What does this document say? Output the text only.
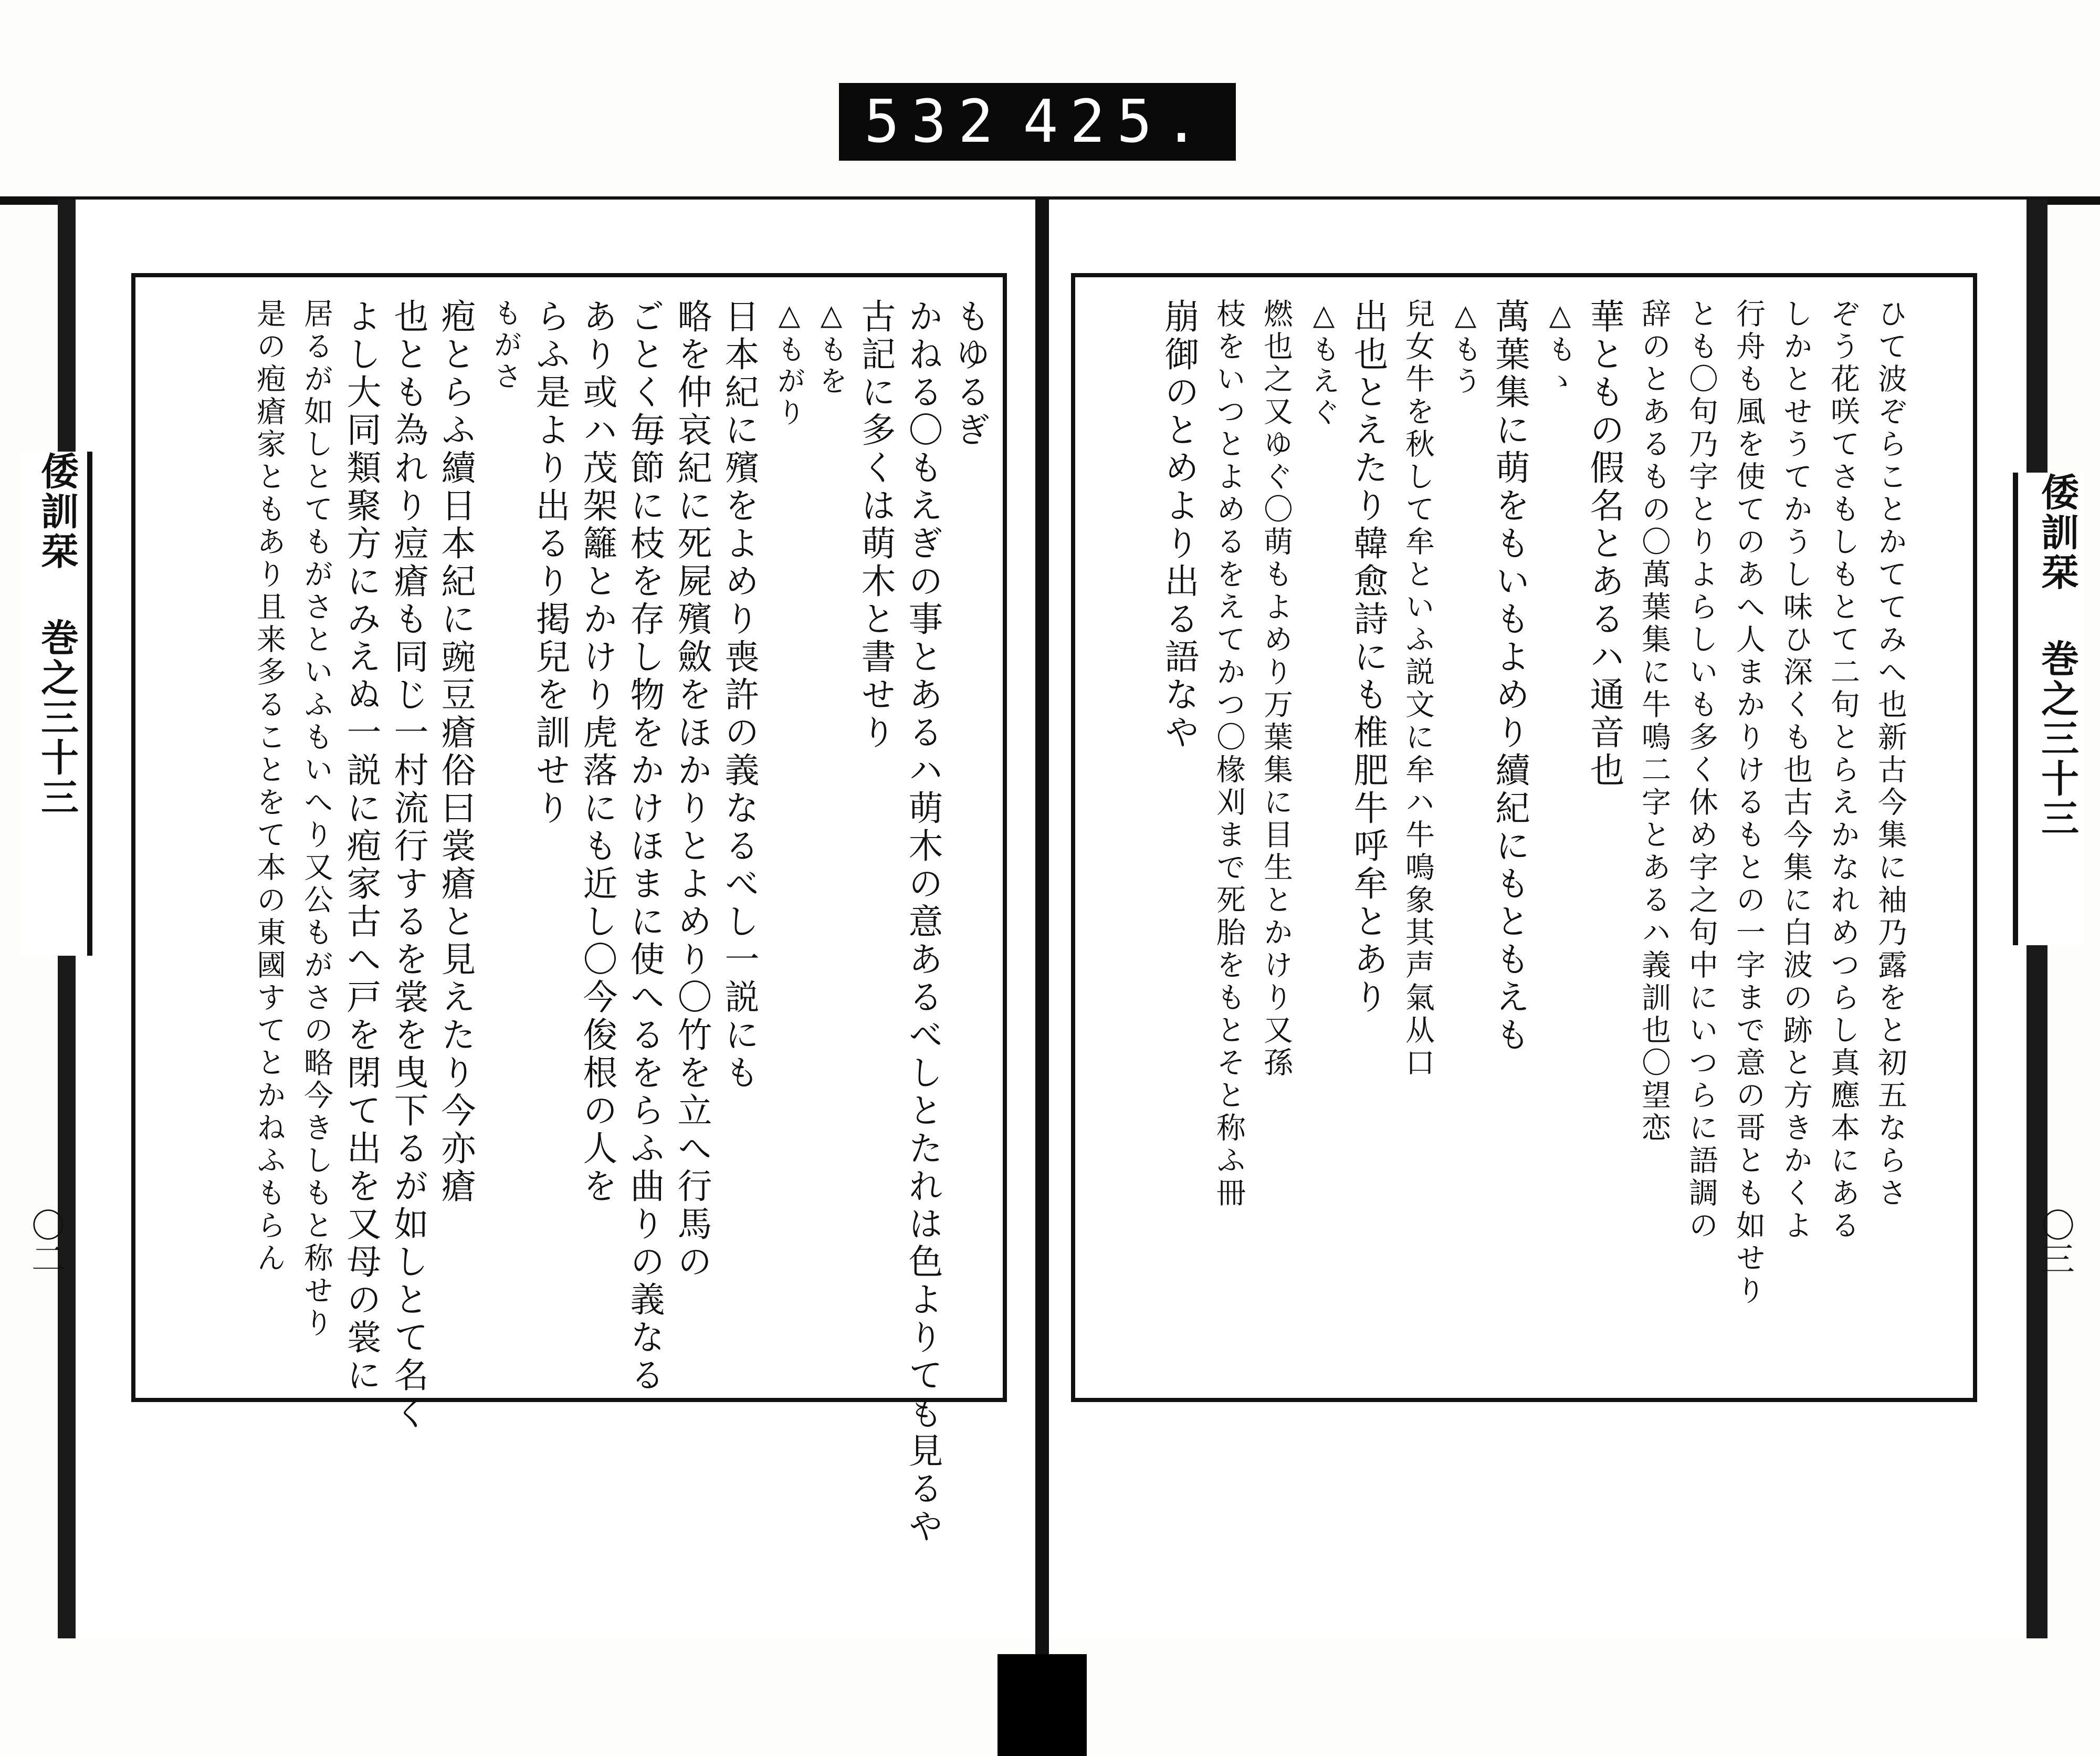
532 425.
もゆるぎ
かねる〇もえぎの事とあるハ萌木の意あるべしとたれは色よりても見るや
古記に多くは萌木と書せり
△もを
△もがり
日本紀に殯をよめり喪許の義なるべし一説にも
略を仲哀紀に死屍殯斂をほかりとよめり〇竹を立へ行馬の
ごとく毎節に枝を存し物をかけほまに使へるをらふ曲りの義なる
あり或ハ茂架籬とかけり虎落にも近し〇今俊根の人を
らふ是より出るり掲兒を訓せり
もがさ
疱とらふ續日本紀に豌豆瘡俗曰裳瘡と見えたり今亦瘡
也とも為れり痘瘡も同じ一村流行するを裳を曳下るが如しとて名く
よし大同類聚方にみえぬ一説に疱家古へ戸を閉て出を又母の裳に
居るが如しとてもがさといふもいへり又公もがさの略今きしもと称せり
是の疱瘡家ともあり且来多ることをて本の東國すてとかねふもらん
倭訓栞 巻之三十三
〇二
ひて波ぞらことかててみへ也新古今集に袖乃露をと初五ならさ
ぞう花咲てさもしもとて二句とらえかなれめつらし真應本にある
しかとせうてかうし味ひ深くも也古今集に白波の跡と方きかくよ
行舟も風を使てのあへ人まかりけるもとの一字まで意の哥とも如せり
とも〇句乃字とりよらしいも多く休め字之句中にいつらに語調の
辞のとあるもの〇萬葉集に牛鳴二字とあるハ義訓也〇望恋
華ともの假名とあるハ通音也
△もゝ
萬葉集に萌をもいもよめり續紀にもともえも
△もう
兒女牛を秋して牟といふ説文に牟ハ牛鳴象其声氣从口
出也とえたり韓愈詩にも椎肥牛呼牟とあり
△もえぐ
燃也之又ゆぐ〇萌もよめり万葉集に目生とかけり又孫
枝をいつとよめるをえてかつ〇椽刈まで死胎をもとそと称ふ冊
崩御のとめより出る語なや	倭訓栞 巻之三十三
〇三
